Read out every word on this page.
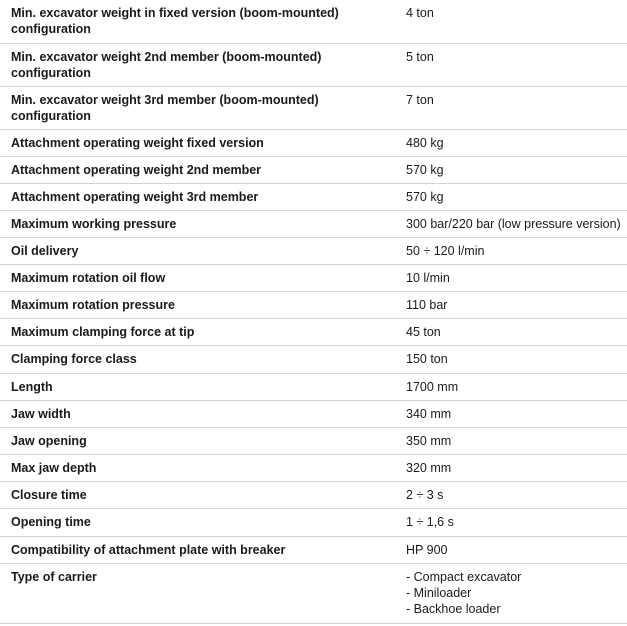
Min. excavator weight in fixed version (boom-mounted) configuration	4 ton
Min. excavator weight 2nd member (boom-mounted) configuration	5 ton
Min. excavator weight 3rd member (boom-mounted) configuration	7 ton
Attachment operating weight fixed version	480 kg
Attachment operating weight 2nd member	570 kg
Attachment operating weight 3rd member	570 kg
Maximum working pressure	300 bar/220 bar (low pressure version)
Oil delivery	50 ÷ 120 l/min
Maximum rotation oil flow	10 l/min
Maximum rotation pressure	110 bar
Maximum clamping force at tip	45 ton
Clamping force class	150 ton
Length	1700 mm
Jaw width	340 mm
Jaw opening	350 mm
Max jaw depth	320 mm
Closure time	2 ÷ 3 s
Opening time	1 ÷ 1,6 s
Compatibility of attachment plate with breaker	HP 900
Type of carrier	- Compact excavator
- Miniloader
- Backhoe loader
